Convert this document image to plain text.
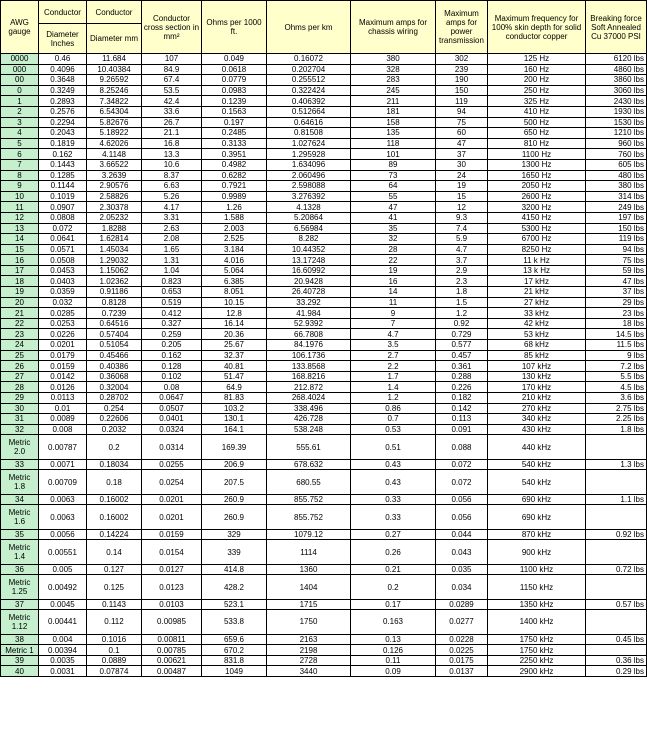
AWG gauge	Conductor	Conductor	Conductor cross section in mm²	Ohms per 1000 ft.	Ohms per km	Maximum amps for chassis wiring	Maximum amps for power transmission	Maximum frequency for 100% skin depth for solid conductor copper	Breaking force Soft Annealed Cu 37000 PSI
	Diameter Inches	Diameter mm							
0000	0.46	11.684	107	0.049	0.16072	380	302	125 Hz	6120 lbs
000	0.4096	10.40384	84.9	0.0618	0.202704	328	239	160 Hz	4860 lbs
00	0.3648	9.26592	67.4	0.0779	0.255512	283	190	200 Hz	3860 lbs
0	0.3249	8.25246	53.5	0.0983	0.322424	245	150	250 Hz	3060 lbs
1	0.2893	7.34822	42.4	0.1239	0.406392	211	119	325 Hz	2430 lbs
2	0.2576	6.54304	33.6	0.1563	0.512664	181	94	410 Hz	1930 lbs
3	0.2294	5.82676	26.7	0.197	0.64616	158	75	500 Hz	1530 lbs
4	0.2043	5.18922	21.1	0.2485	0.81508	135	60	650 Hz	1210 lbs
5	0.1819	4.62026	16.8	0.3133	1.027624	118	47	810 Hz	960 lbs
6	0.162	4.1148	13.3	0.3951	1.295928	101	37	1100 Hz	760 lbs
7	0.1443	3.66522	10.6	0.4982	1.634096	89	30	1300 Hz	605 lbs
8	0.1285	3.2639	8.37	0.6282	2.060496	73	24	1650 Hz	480 lbs
9	0.1144	2.90576	6.63	0.7921	2.598088	64	19	2050 Hz	380 lbs
10	0.1019	2.58826	5.26	0.9989	3.276392	55	15	2600 Hz	314 lbs
11	0.0907	2.30378	4.17	1.26	4.1328	47	12	3200 Hz	249 lbs
12	0.0808	2.05232	3.31	1.588	5.20864	41	9.3	4150 Hz	197 lbs
13	0.072	1.8288	2.63	2.003	6.56984	35	7.4	5300 Hz	150 lbs
14	0.0641	1.62814	2.08	2.525	8.282	32	5.9	6700 Hz	119 lbs
15	0.0571	1.45034	1.65	3.184	10.44352	28	4.7	8250 Hz	94 lbs
16	0.0508	1.29032	1.31	4.016	13.17248	22	3.7	11 k Hz	75 lbs
17	0.0453	1.15062	1.04	5.064	16.60992	19	2.9	13 k Hz	59 lbs
18	0.0403	1.02362	0.823	6.385	20.9428	16	2.3	17 kHz	47 lbs
19	0.0359	0.91186	0.653	8.051	26.40728	14	1.8	21 kHz	37 lbs
20	0.032	0.8128	0.519	10.15	33.292	11	1.5	27 kHz	29 lbs
21	0.0285	0.7239	0.412	12.8	41.984	9	1.2	33 kHz	23 lbs
22	0.0253	0.64516	0.327	16.14	52.9392	7	0.92	42 kHz	18 lbs
23	0.0226	0.57404	0.259	20.36	66.7808	4.7	0.729	53 kHz	14.5 lbs
24	0.0201	0.51054	0.205	25.67	84.1976	3.5	0.577	68 kHz	11.5 lbs
25	0.0179	0.45466	0.162	32.37	106.1736	2.7	0.457	85 kHz	9 lbs
26	0.0159	0.40386	0.128	40.81	133.8568	2.2	0.361	107 kHz	7.2 lbs
27	0.0142	0.36068	0.102	51.47	168.8216	1.7	0.288	130 kHz	5.5 lbs
28	0.0126	0.32004	0.08	64.9	212.872	1.4	0.226	170 kHz	4.5 lbs
29	0.0113	0.28702	0.0647	81.83	268.4024	1.2	0.182	210 kHz	3.6 lbs
30	0.01	0.254	0.0507	103.2	338.496	0.86	0.142	270 kHz	2.75 lbs
31	0.0089	0.22606	0.0401	130.1	426.728	0.7	0.113	340 kHz	2.25 lbs
32	0.008	0.2032	0.0324	164.1	538.248	0.53	0.091	430 kHz	1.8 lbs
Metric 2.0	0.00787	0.2	0.0314	169.39	555.61	0.51	0.088	440 kHz	
33	0.0071	0.18034	0.0255	206.9	678.632	0.43	0.072	540 kHz	1.3 lbs
Metric 1.8	0.00709	0.18	0.0254	207.5	680.55	0.43	0.072	540 kHz	
34	0.0063	0.16002	0.0201	260.9	855.752	0.33	0.056	690 kHz	1.1 lbs
Metric 1.6	0.0063	0.16002	0.0201	260.9	855.752	0.33	0.056	690 kHz	
35	0.0056	0.14224	0.0159	329	1079.12	0.27	0.044	870 kHz	0.92 lbs
Metric 1.4	0.00551	0.14	0.0154	339	1114	0.26	0.043	900 kHz	
36	0.005	0.127	0.0127	414.8	1360	0.21	0.035	1100 kHz	0.72 lbs
Metric 1.25	0.00492	0.125	0.0123	428.2	1404	0.2	0.034	1150 kHz	
37	0.0045	0.1143	0.0103	523.1	1715	0.17	0.0289	1350 kHz	0.57 lbs
Metric 1.12	0.00441	0.112	0.00985	533.8	1750	0.163	0.0277	1400 kHz	
38	0.004	0.1016	0.00811	659.6	2163	0.13	0.0228	1750 kHz	0.45 lbs
Metric 1	0.00394	0.1	0.00785	670.2	2198	0.126	0.0225	1750 kHz	
39	0.0035	0.0889	0.00621	831.8	2728	0.11	0.0175	2250 kHz	0.36 lbs
40	0.0031	0.07874	0.00487	1049	3440	0.09	0.0137	2900 kHz	0.29 lbs
